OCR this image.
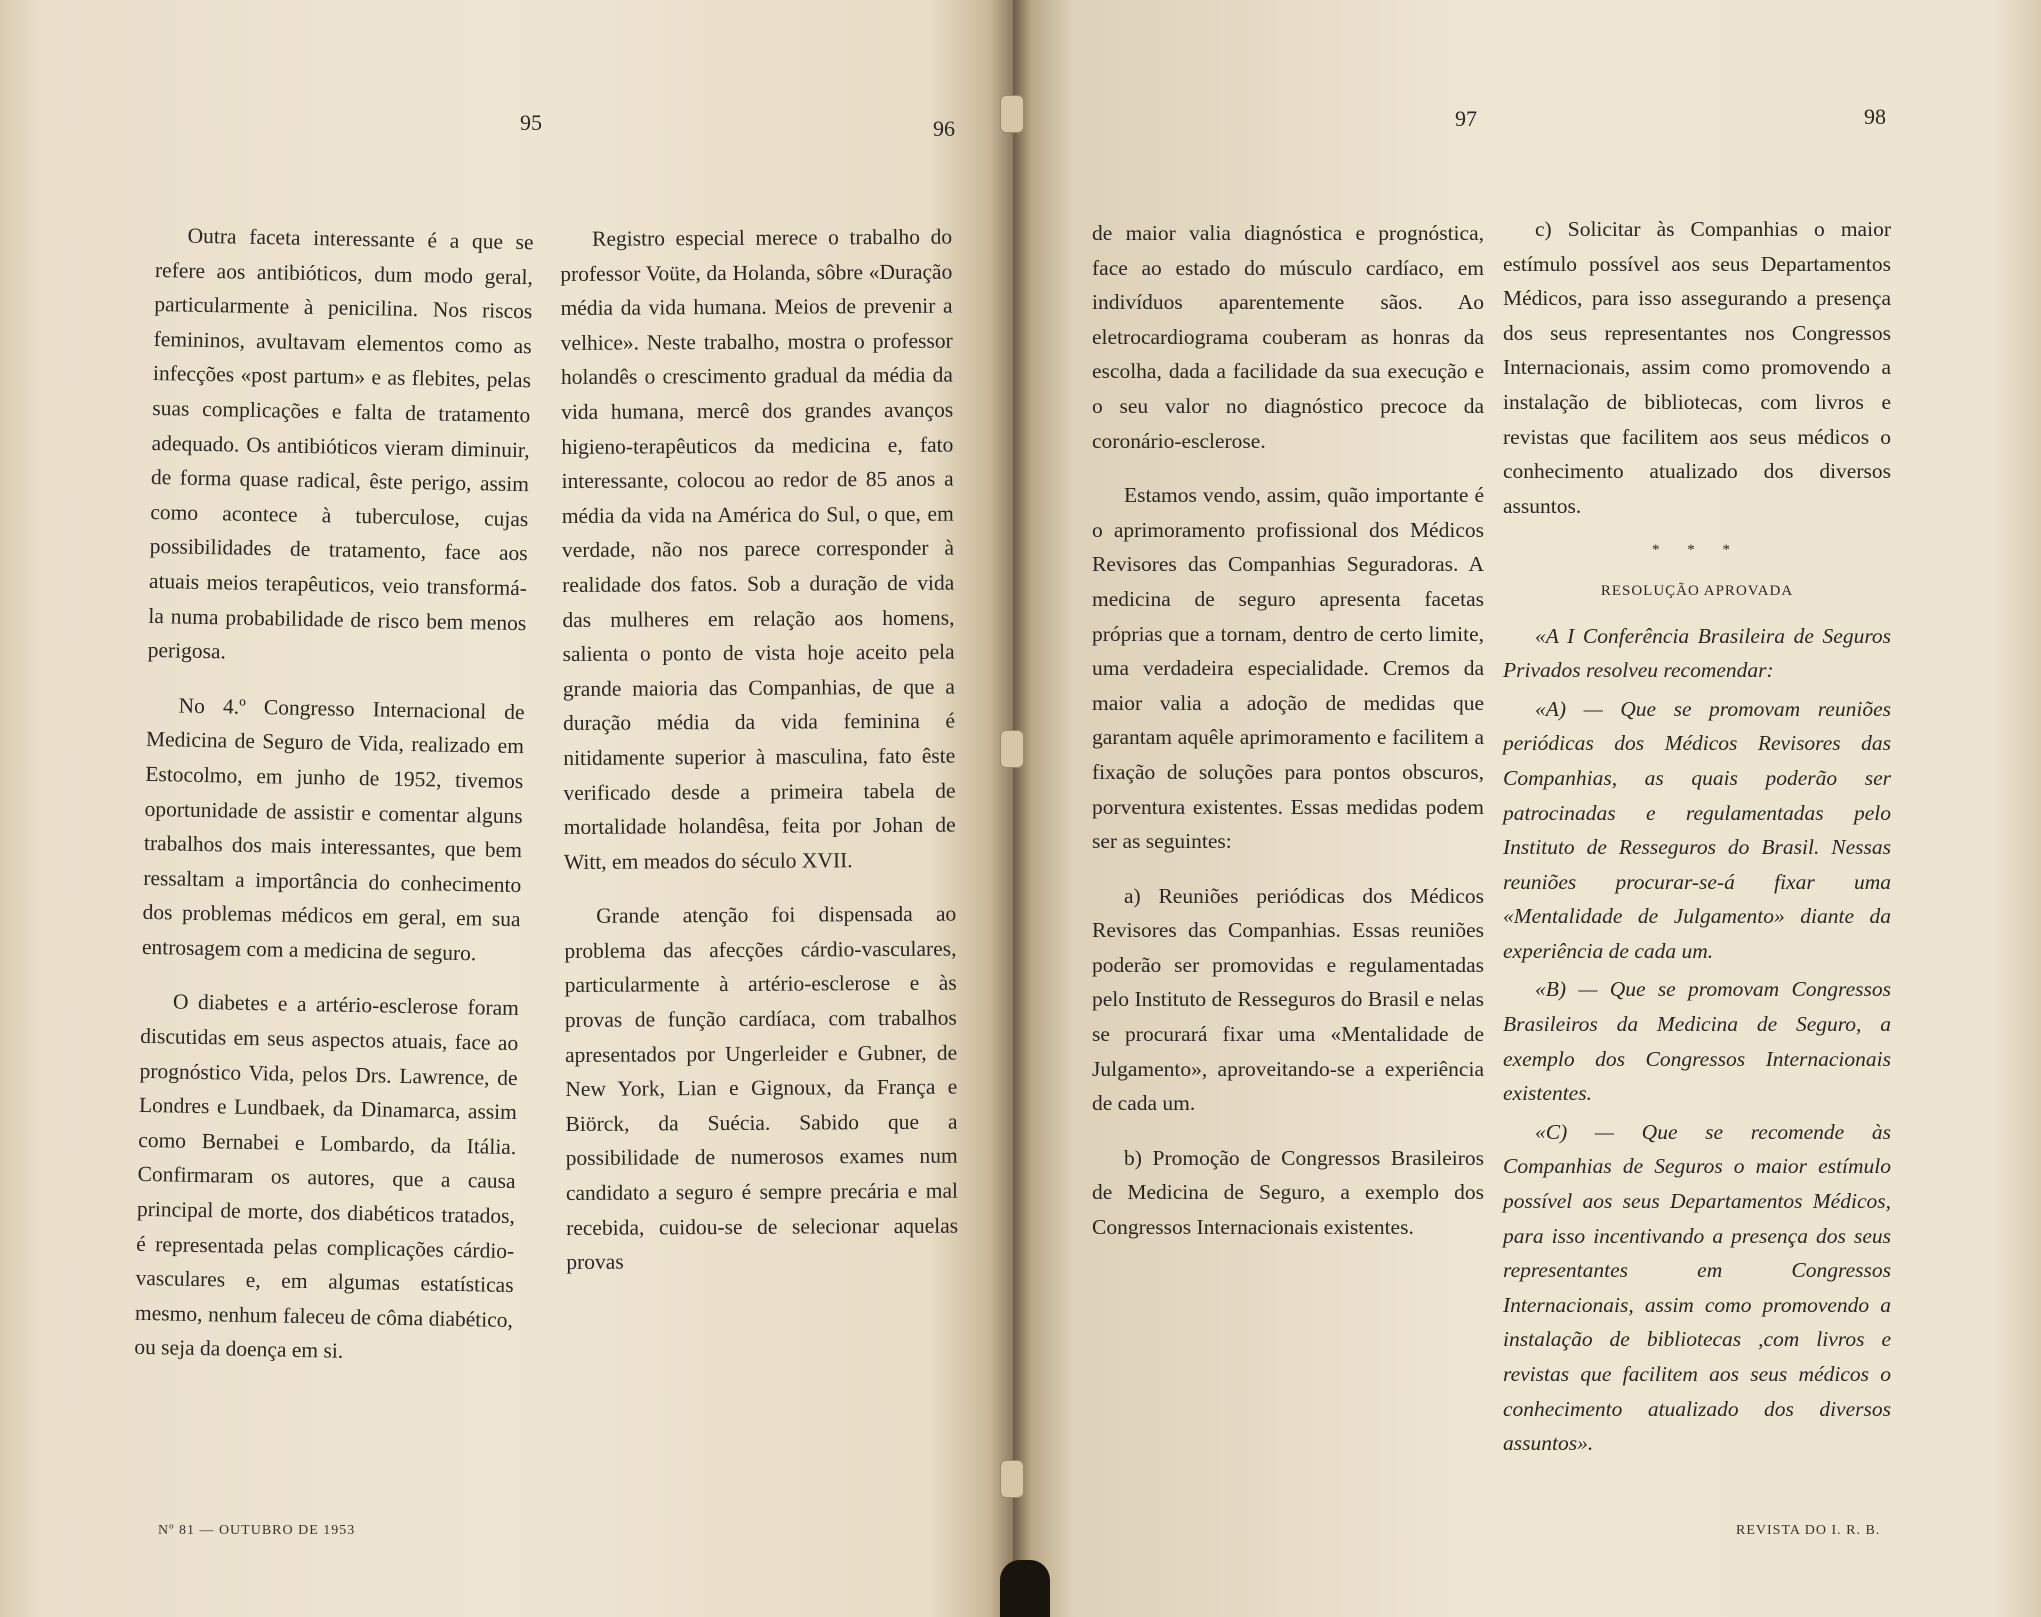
95	96	97	98

Outra faceta interessante é a que se refere aos antibióticos, dum modo geral, particularmente à penicilina. Nos riscos femininos, avultavam elementos como as infecções «post partum» e as flebites, pelas suas complicações e falta de tratamento adequado. Os antibióticos vieram diminuir, de forma quase radical, êste perigo, assim como acontece à tuberculose, cujas possibilidades de tratamento, face aos atuais meios terapêuticos, veio transformá-la numa probabilidade de risco bem menos perigosa.

No 4.º Congresso Internacional de Medicina de Seguro de Vida, realizado em Estocolmo, em junho de 1952, tivemos oportunidade de assistir e comentar alguns trabalhos dos mais interessantes, que bem ressaltam a importância do conhecimento dos problemas médicos em geral, em sua entrosagem com a medicina de seguro.

O diabetes e a artério-esclerose foram discutidas em seus aspectos atuais, face ao prognóstico Vida, pelos Drs. Lawrence, de Londres e Lundbaek, da Dinamarca, assim como Bernabei e Lombardo, da Itália. Confirmaram os autores, que a causa principal de morte, dos diabéticos tratados, é representada pelas complicações cárdio-vasculares e, em algumas estatísticas mesmo, nenhum faleceu de côma diabético, ou seja da doença em si.

Registro especial merece o trabalho do professor Voüte, da Holanda, sôbre «Duração média da vida humana. Meios de prevenir a velhice». Neste trabalho, mostra o professor holandês o crescimento gradual da média da vida humana, mercê dos grandes avanços higieno-terapêuticos da medicina e, fato interessante, colocou ao redor de 85 anos a média da vida na América do Sul, o que, em verdade, não nos parece corresponder à realidade dos fatos. Sob a duração de vida das mulheres em relação aos homens, salienta o ponto de vista hoje aceito pela grande maioria das Companhias, de que a duração média da vida feminina é nitidamente superior à masculina, fato êste verificado desde a primeira tabela de mortalidade holandêsa, feita por Johan de Witt, em meados do século XVII.

Grande atenção foi dispensada ao problema das afecções cárdio-vasculares, particularmente à artério-esclerose e às provas de função cardíaca, com trabalhos apresentados por Ungerleider e Gubner, de New York, Lian e Gignoux, da França e Biörck, da Suécia. Sabido que a possibilidade de numerosos exames num candidato a seguro é sempre precária e mal recebida, cuidou-se de selecionar aquelas provas

de maior valia diagnóstica e prognóstica, face ao estado do músculo cardíaco, em indivíduos aparentemente sãos. Ao eletrocardiograma couberam as honras da escolha, dada a facilidade da sua execução e o seu valor no diagnóstico precoce da coronário-esclerose.

Estamos vendo, assim, quão importante é o aprimoramento profissional dos Médicos Revisores das Companhias Seguradoras. A medicina de seguro apresenta facetas próprias que a tornam, dentro de certo limite, uma verdadeira especialidade. Cremos da maior valia a adoção de medidas que garantam aquêle aprimoramento e facilitem a fixação de soluções para pontos obscuros, porventura existentes. Essas medidas podem ser as seguintes:

a) Reuniões periódicas dos Médicos Revisores das Companhias. Essas reuniões poderão ser promovidas e regulamentadas pelo Instituto de Resseguros do Brasil e nelas se procurará fixar uma «Mentalidade de Julgamento», aproveitando-se a experiência de cada um.

b) Promoção de Congressos Brasileiros de Medicina de Seguro, a exemplo dos Congressos Internacionais existentes.

c) Solicitar às Companhias o maior estímulo possível aos seus Departamentos Médicos, para isso assegurando a presença dos seus representantes nos Congressos Internacionais, assim como promovendo a instalação de bibliotecas, com livros e revistas que facilitem aos seus médicos o conhecimento atualizado dos diversos assuntos.

* * *
RESOLUÇÃO APROVADA

«A I Conferência Brasileira de Seguros Privados resolveu recomendar:

«A) — Que se promovam reuniões periódicas dos Médicos Revisores das Companhias, as quais poderão ser patrocinadas e regulamentadas pelo Instituto de Resseguros do Brasil. Nessas reuniões procurar-se-á fixar uma «Mentalidade de Julgamento» diante da experiência de cada um.

«B) — Que se promovam Congressos Brasileiros da Medicina de Seguro, a exemplo dos Congressos Internacionais existentes.

«C) — Que se recomende às Companhias de Seguros o maior estímulo possível aos seus Departamentos Médicos, para isso incentivando a presença dos seus representantes em Congressos Internacionais, assim como promovendo a instalação de bibliotecas ,com livros e revistas que facilitem aos seus médicos o conhecimento atualizado dos diversos assuntos».

Nº 81 — OUTUBRO DE 1953	REVISTA DO I. R. B.
